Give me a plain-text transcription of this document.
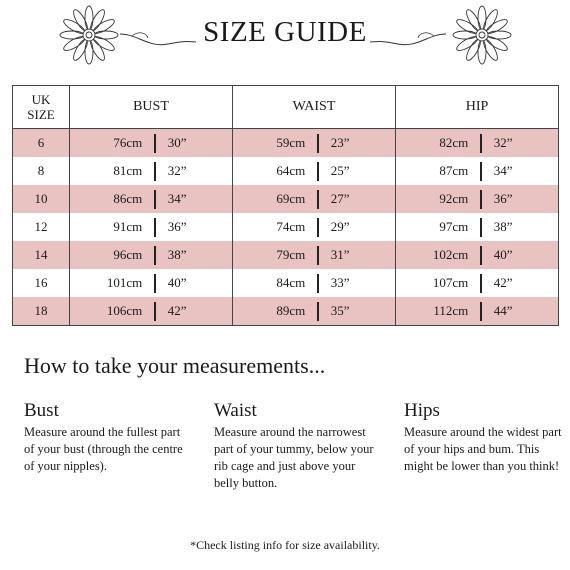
SIZE GUIDE
UK
SIZE	BUST	WAIST	HIP
6	76cm 30”	59cm 23”	82cm 32”

8	81cm 32”	64cm 25”	87cm 34”

10	86cm 34”	69cm 27”	92cm 36”

12	91cm 36”	74cm 29”	97cm 38”

14	96cm 38”	79cm 31”	102cm 40”

16	101cm 40”	84cm 33”	107cm 42”

18	106cm 42”	89cm 35”	112cm 44”
How to take your measurements...
Bust

Measure around the fullest part of your bust (through the centre of your nipples).

Waist

Measure around the narrowest part of your tummy, below your rib cage and just above your belly button.

Hips

Measure around the widest part of your hips and bum. This might be lower than you think!

*Check listing info for size availability.
